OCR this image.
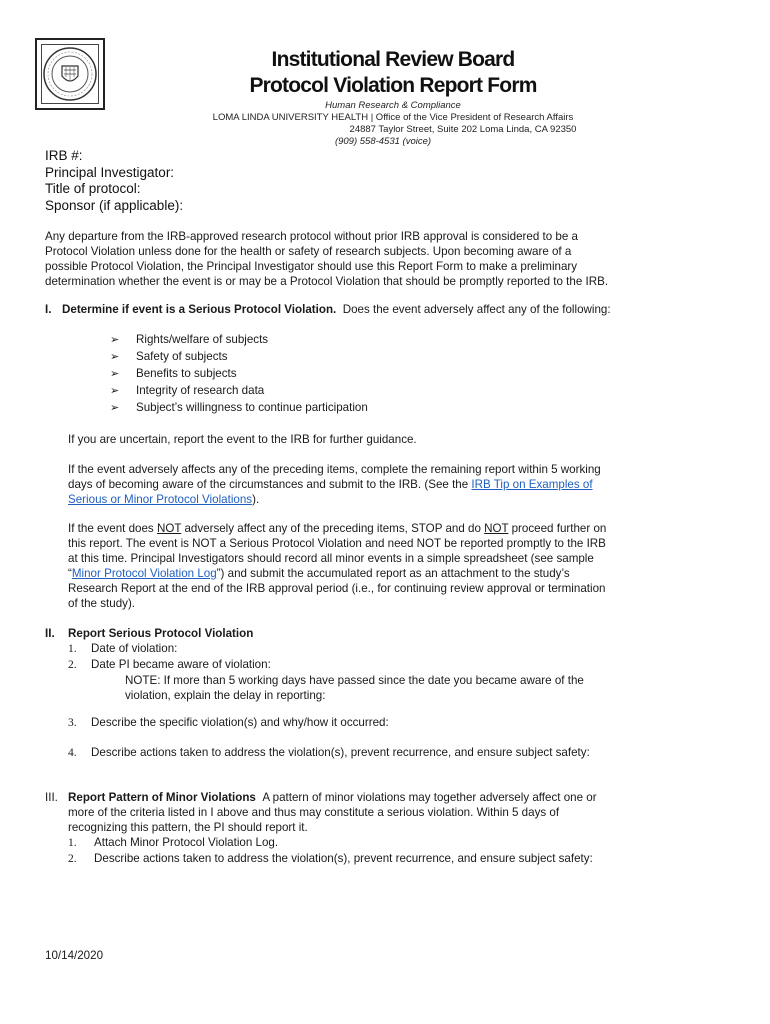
Institutional Review Board
Protocol Violation Report Form
Human Research & Compliance
LOMA LINDA UNIVERSITY HEALTH | Office of the Vice President of Research Affairs
24887 Taylor Street, Suite 202 Loma Linda, CA 92350
(909) 558-4531 (voice)
IRB #:
Principal Investigator:
Title of protocol:
Sponsor (if applicable):
Any departure from the IRB-approved research protocol without prior IRB approval is considered to be a
Protocol Violation unless done for the health or safety of research subjects. Upon becoming aware of a
possible Protocol Violation, the Principal Investigator should use this Report Form to make a preliminary
determination whether the event is or may be a Protocol Violation that should be promptly reported to the IRB.
I. Determine if event is a Serious Protocol Violation. Does the event adversely affect any of the following:
➢	Rights/welfare of subjects
➢	Safety of subjects
➢	Benefits to subjects
➢	Integrity of research data
➢	Subject’s willingness to continue participation
If you are uncertain, report the event to the IRB for further guidance.
If the event adversely affects any of the preceding items, complete the remaining report within 5 working
days of becoming aware of the circumstances and submit to the IRB. (See the IRB Tip on Examples of
Serious or Minor Protocol Violations).
If the event does NOT adversely affect any of the preceding items, STOP and do NOT proceed further on
this report. The event is NOT a Serious Protocol Violation and need NOT be reported promptly to the IRB
at this time. Principal Investigators should record all minor events in a simple spreadsheet (see sample
“Minor Protocol Violation Log”) and submit the accumulated report as an attachment to the study’s
Research Report at the end of the IRB approval period (i.e., for continuing review approval or termination
of the study).
II. Report Serious Protocol Violation
1. Date of violation:
2. Date PI became aware of violation:
NOTE: If more than 5 working days have passed since the date you became aware of the
violation, explain the delay in reporting:
3. Describe the specific violation(s) and why/how it occurred:
4. Describe actions taken to address the violation(s), prevent recurrence, and ensure subject safety:
III. Report Pattern of Minor Violations A pattern of minor violations may together adversely affect one or
more of the criteria listed in I above and thus may constitute a serious violation. Within 5 days of
recognizing this pattern, the PI should report it.
1. Attach Minor Protocol Violation Log.
2. Describe actions taken to address the violation(s), prevent recurrence, and ensure subject safety:
10/14/2020
